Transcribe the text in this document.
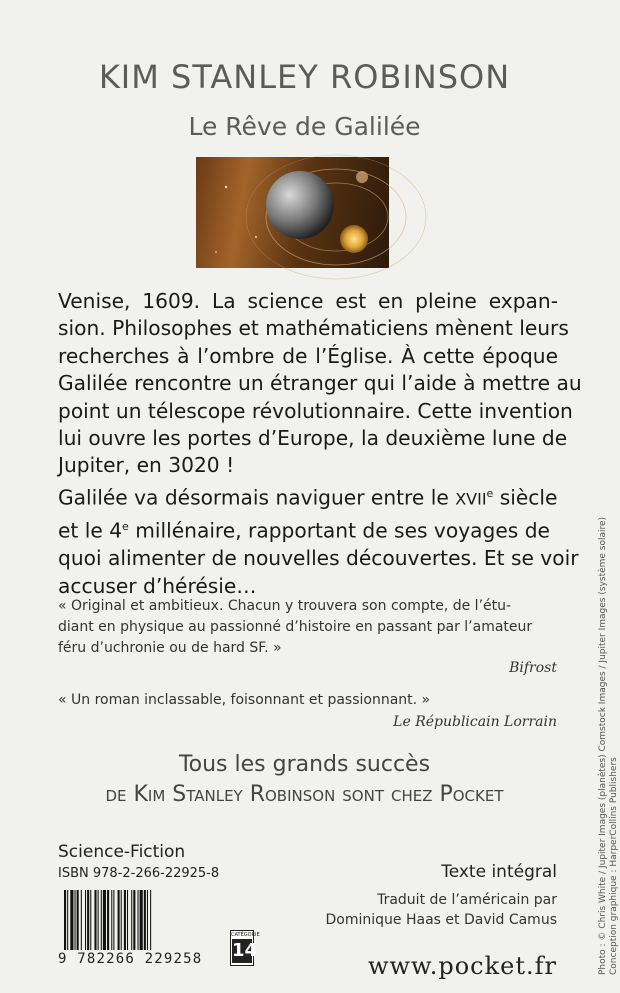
KIM STANLEY ROBINSON
Le Rêve de Galilée
Venise, 1609. La science est en pleine expan-
sion. Philosophes et mathématiciens mènent leurs
recherches à l’ombre de l’Église. À cette époque
Galilée rencontre un étranger qui l’aide à mettre au
point un télescope révolutionnaire. Cette invention
lui ouvre les portes d’Europe, la deuxième lune de
Jupiter, en 3020 !
Galilée va désormais naviguer entre le XVIIe siècle
et le 4e millénaire, rapportant de ses voyages de
quoi alimenter de nouvelles découvertes. Et se voir
accuser d’hérésie…
« Original et ambitieux. Chacun y trouvera son compte, de l’étu-
diant en physique au passionné d’histoire en passant par l’amateur
féru d’uchronie ou de hard SF. »
Bifrost
« Un roman inclassable, foisonnant et passionnant. »
Le Républicain Lorrain
Tous les grands succès
de Kim Stanley Robinson sont chez Pocket
Science-Fiction
ISBN 978-2-266-22925-8
9 782266 229258
CATÉGORIE
14
Texte intégral
Traduit de l’américain par
Dominique Haas et David Camus
www.pocket.fr	Photo : © Chris White / Jupiter Images (planètes) Comstock Images / Jupiter Images (système solaire) Conception graphique : HarperCollins Publishers
